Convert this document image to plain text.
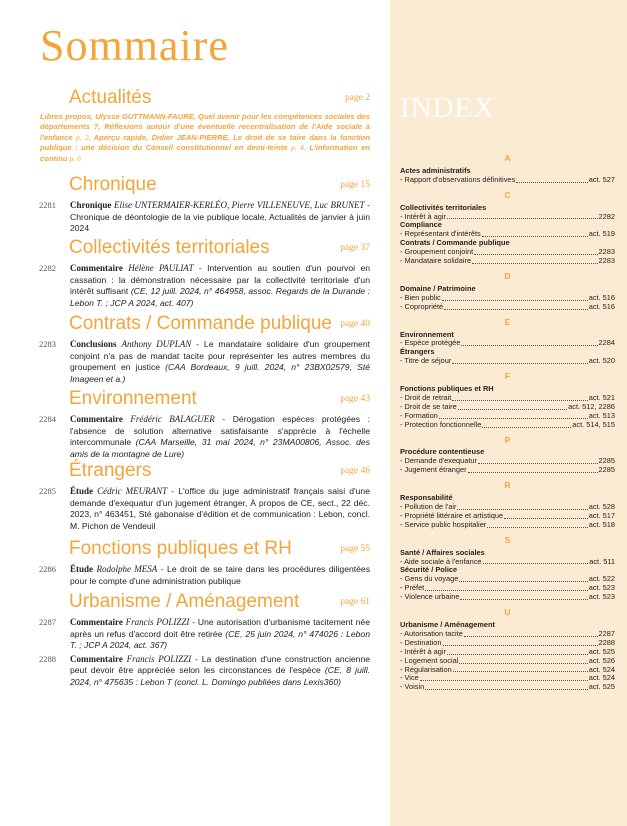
Sommaire
Actualités	page 2
Libres propos, Ulysse GUTTMANN-FAURE, Quel avenir pour les compétences sociales des départements ?, Réflexions autour d'une éventuelle recentralisation de l'Aide sociale à l'enfance p. 2, Aperçu rapide, Didier JEAN-PIERRE, Le droit de se taire dans la fonction publique : une décision du Conseil constitutionnel en demi-teinte p. 4, L'information en continu p. 6
Chronique	page 15
2281 Chronique Elise UNTERMAIER-KERLÉO, Pierre VILLENEUVE, Luc BRUNET - Chronique de déontologie de la vie publique locale, Actualités de janvier à juin 2024
Collectivités territoriales	page 37
2282 Commentaire Hélène PAULIAT - Intervention au soutien d'un pourvoi en cassation : la démonstration nécessaire par la collectivité territoriale d'un intérêt suffisant (CE, 12 juill. 2024, n° 464958, assoc. Regards de la Durande : Lebon T. ; JCP A 2024, act. 407)
Contrats / Commande publique page 40
2283 Conclusions Anthony DUPLAN - Le mandataire solidaire d'un groupement conjoint n'a pas de mandat tacite pour représenter les autres membres du groupement en justice (CAA Bordeaux, 9 juill. 2024, n° 23BX02579, Sté Imageen et a.)
Environnement	page 43
2284 Commentaire Frédéric BALAGUER - Dérogation espèces protégées : l'absence de solution alternative satisfaisante s'apprécie à l'échelle intercommunale (CAA Marseille, 31 mai 2024, n° 23MA00806, Assoc. des amis de la montagne de Lure)
Étrangers	page 46
2285 Étude Cédric MEURANT - L'office du juge administratif français saisi d'une demande d'exequatur d'un jugement étranger, À propos de CE, sect., 22 déc. 2023, n° 463451, Sté gabonaise d'édition et de communication : Lebon, concl. M. Pichon de Vendeuil
Fonctions publiques et RH	page 55
2286 Étude Rodolphe MESA - Le droit de se taire dans les procédures diligentées pour le compte d'une administration publique
Urbanisme / Aménagement	page 61
2287 Commentaire Francis POLIZZI - Une autorisation d'urbanisme tacitement née après un refus d'accord doit être retirée (CE, 25 juin 2024, n° 474026 : Lebon T. ; JCP A 2024, act. 367)
2288 Commentaire Francis POLIZZI - La destination d'une construction ancienne peut devoir être appréciée selon les circonstances de l'espèce (CE, 8 juill. 2024, n° 475635 : Lebon T (concl. L. Domingo publiées dans Lexis360)
INDEX
A
Actes administratifs
- Rapport d'observations définitives	act. 527
C
Collectivités territoriales
- Intérêt à agir	2282
Compliance
- Représentant d'intérêts	act. 519
Contrats / Commande publique
- Groupement conjoint	2283
- Mandataire solidaire	2283
D
Domaine / Patrimoine
- Bien public	act. 516
- Copropriété	act. 516
E
Environnement
- Espèce protégée	2284
Étrangers
- Titre de séjour	act. 520
F
Fonctions publiques et RH
- Droit de retrait	act. 521
- Droit de se taire	act. 512, 2286
- Formation	act. 513
- Protection fonctionnelle	act. 514, 515
P
Procédure contentieuse
- Demande d'exequatur	2285
- Jugement étranger	2285
R
Responsabilité
- Pollution de l'air	act. 528
- Propriété littéraire et artistique	act. 517
- Service public hospitalier	act. 518
S
Santé / Affaires sociales
- Aide sociale à l'enfance	act. 511
Sécurité / Police
- Gens du voyage	act. 522
- Préfet	act. 523
- Violence urbaine	act. 523
U
Urbanisme / Aménagement
- Autorisation tacite	2287
- Destination	2288
- Intérêt à agir	act. 525
- Logement social	act. 526
- Régularisation	act. 524
- Vice	act. 524
- Voisin	act. 525
